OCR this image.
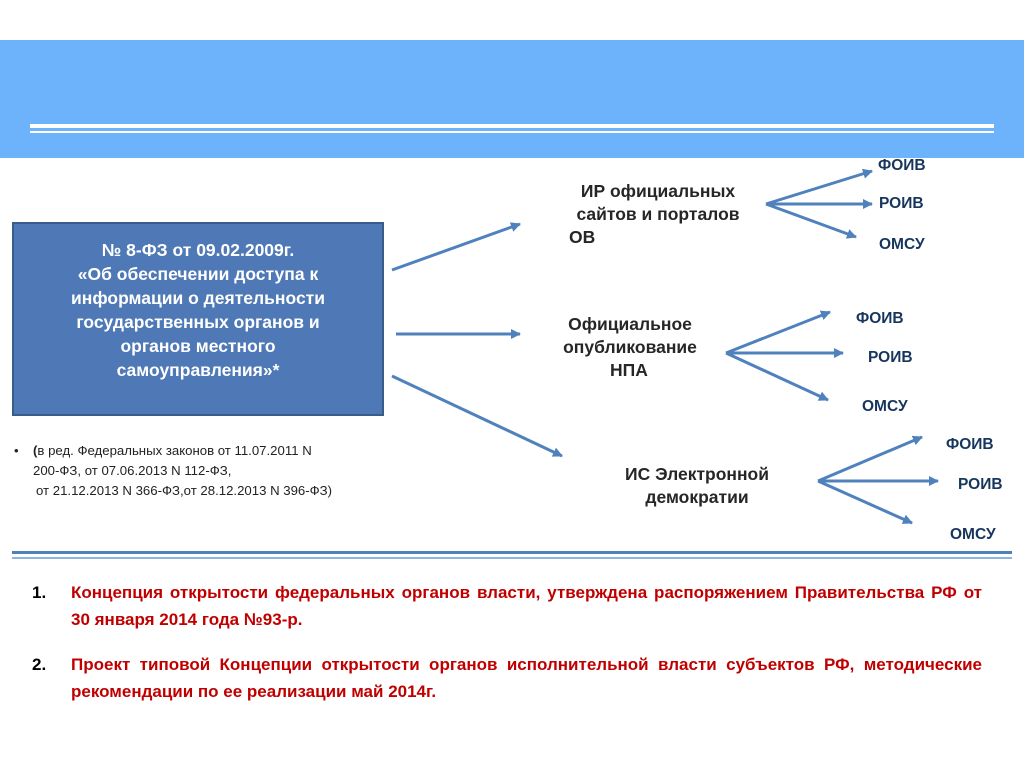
№ 8-ФЗ от 09.02.2009г.
«Об обеспечении доступа к
информации о деятельности
государственных органов и
органов местного
самоуправления»*
• (в ред. Федеральных законов от 11.07.2011 N
200-ФЗ, от 07.06.2013 N 112-ФЗ,
от 21.12.2013 N 366-ФЗ,от 28.12.2013 N 396-ФЗ)
ИР официальных
сайтов и порталов
ОВ
ФОИВ
РОИВ
ОМСУ
Официальное
опубликование
НПА
ФОИВ
РОИВ
ОМСУ
ИС Электронной
демократии
ФОИВ
РОИВ
ОМСУ
1. Концепция открытости федеральных органов власти, утверждена распоряжением Правительства РФ от 30 января 2014 года №93-р.
2. Проект типовой Концепции открытости органов исполнительной власти субъектов РФ, методические рекомендации по ее реализации май 2014г.
